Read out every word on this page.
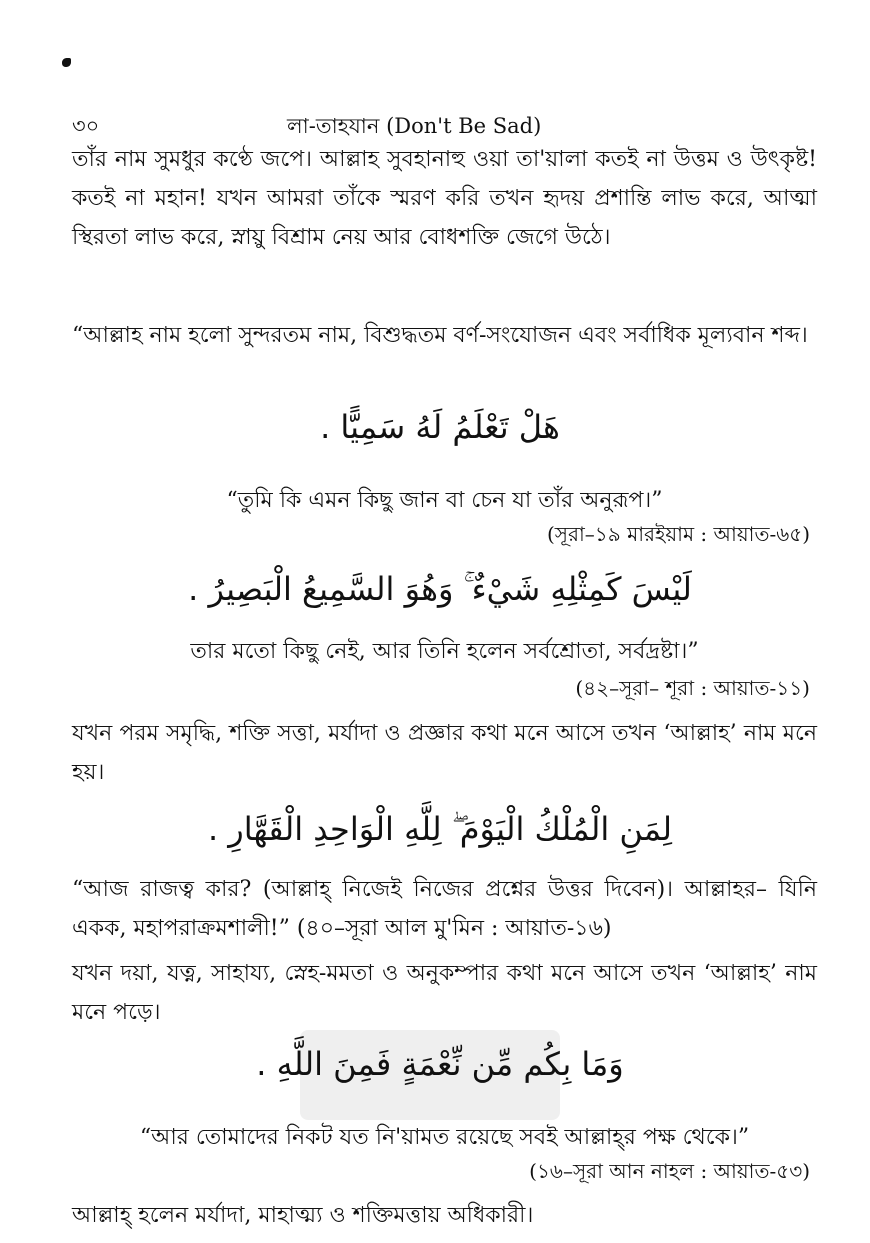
৩০	লা-তাহযান (Don't Be Sad)

তাঁর নাম সুমধুর কণ্ঠে জপে। আল্লাহ সুবহানাহু ওয়া তা'য়ালা কতই না উত্তম ও উৎকৃষ্ট! কতই না মহান! যখন আমরা তাঁকে স্মরণ করি তখন হৃদয় প্রশান্তি লাভ করে, আত্মা স্থিরতা লাভ করে, স্নায়ু বিশ্রাম নেয় আর বোধশক্তি জেগে উঠে।

“আল্লাহ নাম হলো সুন্দরতম নাম, বিশুদ্ধতম বর্ণ-সংযোজন এবং সর্বাধিক মূল্যবান শব্দ।

هَلْ تَعْلَمُ لَهُ سَمِيًّا .
“তুমি কি এমন কিছু জান বা চেন যা তাঁর অনুরূপ।”
(সূরা–১৯ মারইয়াম : আয়াত-৬৫)
لَيْسَ كَمِثْلِهِ شَيْءٌ ۚ وَهُوَ السَّمِيعُ الْبَصِيرُ .
তার মতো কিছু নেই, আর তিনি হলেন সর্বশ্রোতা, সর্বদ্রষ্টা।”
(৪২–সূরা– শূরা : আয়াত-১১)

যখন পরম সমৃদ্ধি, শক্তি সত্তা, মর্যাদা ও প্রজ্ঞার কথা মনে আসে তখন ‘আল্লাহ’ নাম মনে হয়।

لِمَنِ الْمُلْكُ الْيَوْمَ ۖ لِلَّهِ الْوَاحِدِ الْقَهَّارِ .

“আজ রাজত্ব কার? (আল্লাহ্ নিজেই নিজের প্রশ্নের উত্তর দিবেন)। আল্লাহর– যিনি একক, মহাপরাক্রমশালী!” (৪০–সূরা আল মু'মিন : আয়াত-১৬)

যখন দয়া, যত্ন, সাহায্য, স্নেহ-মমতা ও অনুকম্পার কথা মনে আসে তখন ‘আল্লাহ’ নাম মনে পড়ে।

وَمَا بِكُم مِّن نِّعْمَةٍ فَمِنَ اللَّهِ .
“আর তোমাদের নিকট যত নি'য়ামত রয়েছে সবই আল্লাহ্‌র পক্ষ থেকে।”
(১৬–সূরা আন নাহল : আয়াত-৫৩)

আল্লাহ্ হলেন মর্যাদা, মাহাত্ম্য ও শক্তিমত্তায় অধিকারী।
